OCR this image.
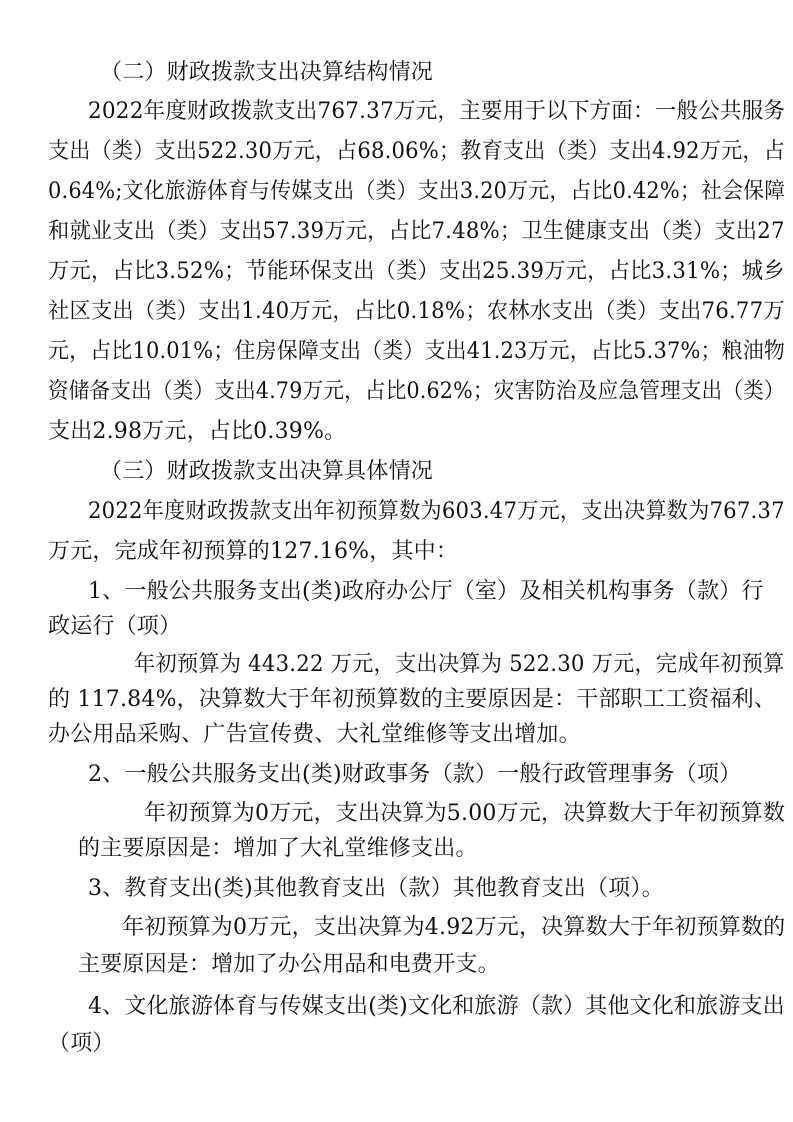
（二）财政拨款支出决算结构情况
2022年度财政拨款支出767.37万元，主要用于以下方面：一般公共服务
支出（类）支出522.30万元，占68.06%；教育支出（类）支出4.92万元，占
0.64%;文化旅游体育与传媒支出（类）支出3.20万元，占比0.42%；社会保障
和就业支出（类）支出57.39万元，占比7.48%；卫生健康支出（类）支出27
万元，占比3.52%；节能环保支出（类）支出25.39万元，占比3.31%；城乡
社区支出（类）支出1.40万元，占比0.18%；农林水支出（类）支出76.77万
元，占比10.01%；住房保障支出（类）支出41.23万元，占比5.37%；粮油物
资储备支出（类）支出4.79万元，占比0.62%；灾害防治及应急管理支出（类）
支出2.98万元，占比0.39%。
（三）财政拨款支出决算具体情况
2022年度财政拨款支出年初预算数为603.47万元，支出决算数为767.37
万元，完成年初预算的127.16%，其中：
1、一般公共服务支出(类)政府办公厅（室）及相关机构事务（款）行
政运行（项）
年初预算为 443.22 万元，支出决算为 522.30 万元，完成年初预算
的 117.84%，决算数大于年初预算数的主要原因是：干部职工工资福利、
办公用品采购、广告宣传费、大礼堂维修等支出增加。
2、一般公共服务支出(类)财政事务（款）一般行政管理事务（项）
年初预算为0万元，支出决算为5.00万元，决算数大于年初预算数
的主要原因是：增加了大礼堂维修支出。
3、教育支出(类)其他教育支出（款）其他教育支出（项）。
年初预算为0万元，支出决算为4.92万元，决算数大于年初预算数的
主要原因是：增加了办公用品和电费开支。
4、文化旅游体育与传媒支出(类)文化和旅游（款）其他文化和旅游支出
（项）
